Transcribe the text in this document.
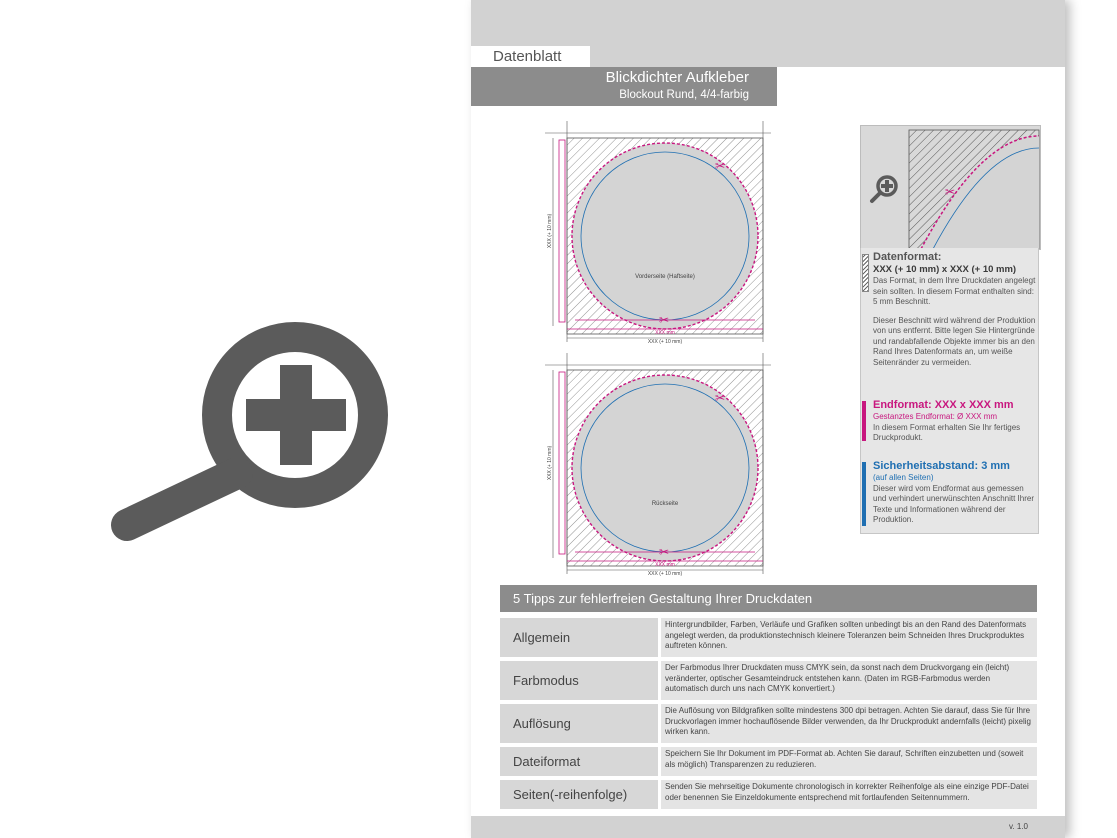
Datenblatt
Blickdichter Aufkleber
Blockout Rund, 4/4-farbig
✂
✂
Vorderseite (Haftseite)
XXX mm
XXX (+ 10 mm)
XXX (+ 10 mm)
✂
✂
Rückseite
XXX mm
XXX (+ 10 mm)
XXX (+ 10 mm)
✂
Datenformat:
XXX (+ 10 mm) x XXX (+ 10 mm)
Das Format, in dem Ihre Druckdaten angelegt sein sollten. In diesem Format enthalten sind: 5 mm Beschnitt.
Dieser Beschnitt wird während der Produktion von uns entfernt. Bitte legen Sie Hintergründe und randabfallende Objekte immer bis an den Rand Ihres Datenformats an, um weiße Seitenränder zu vermeiden.
Endformat: XXX x XXX mm
Gestanztes Endformat: Ø XXX mm
In diesem Format erhalten Sie Ihr fertiges Druckprodukt.
Sicherheitsabstand: 3 mm
(auf allen Seiten)
Dieser wird vom Endformat aus gemessen und verhindert unerwünschten Anschnitt Ihrer Texte und Informationen während der Produktion.
5 Tipps zur fehlerfreien Gestaltung Ihrer Druckdaten
Allgemein
Hintergrundbilder, Farben, Verläufe und Grafiken sollten unbedingt bis an den Rand des Datenformats angelegt werden, da produktionstechnisch kleinere Toleranzen beim Schneiden Ihres Druckproduktes auftreten können.
Farbmodus
Der Farbmodus Ihrer Druckdaten muss CMYK sein, da sonst nach dem Druckvorgang ein (leicht) veränderter, optischer Gesamteindruck entstehen kann. (Daten im RGB-Farbmodus werden automatisch durch uns nach CMYK konvertiert.)
Auflösung
Die Auflösung von Bildgrafiken sollte mindestens 300 dpi betragen. Achten Sie darauf, dass Sie für Ihre Druckvorlagen immer hochauflösende Bilder verwenden, da Ihr Druckprodukt andernfalls (leicht) pixelig wirken kann.
Dateiformat
Speichern Sie Ihr Dokument im PDF-Format ab. Achten Sie darauf, Schriften einzubetten und (soweit als möglich) Transparenzen zu reduzieren.
Seiten(-reihenfolge)
Senden Sie mehrseitige Dokumente chronologisch in korrekter Reihenfolge als eine einzige PDF-Datei oder benennen Sie Einzeldokumente entsprechend mit fortlaufenden Seitennummern.
v. 1.0
